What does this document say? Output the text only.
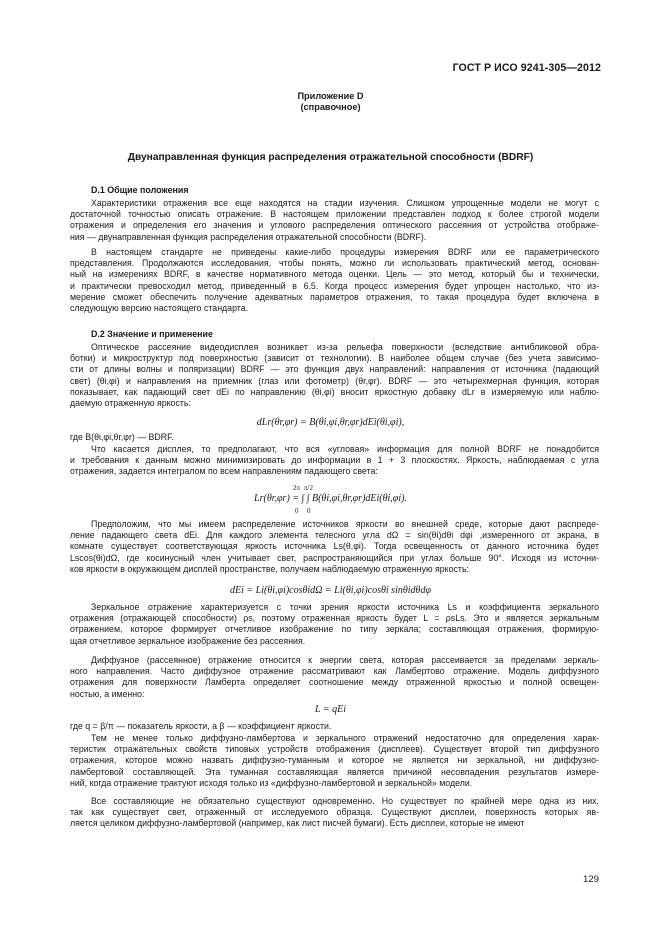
ГОСТ Р ИСО 9241-305—2012
Приложение D
(справочное)
Двунаправленная функция распределения отражательной способности (BDRF)
D.1 Общие положения
Характеристики отражения все еще находятся на стадии изучения. Слишком упрощенные модели не могут с
достаточной точностью описать отражение. В настоящем приложении представлен подход к более строгой модели
отражения и определения его значения и углового распределения оптического рассеяния от устройства отображе-
ния — двунаправленная функция распределения отражательной способности (BDRF).
В настоящем стандарте не приведены какие-либо процедуры измерения BDRF или ее параметрического
представления. Продолжаются исследования, чтобы понять, можно ли использовать практический метод, основан-
ный на измерениях BDRF, в качестве нормативного метода оценки. Цель — это метод, который бы и технически,
и практически превосходил метод, приведенный в 6.5. Когда процесс измерения будет упрощен настолько, что из-
мерение сможет обеспечить получение адекватных параметров отражения, то такая процедура будет включена в
следующую версию настоящего стандарта.
D.2 Значение и применение
Оптическое рассеяние видеодисплея возникает из-за рельефа поверхности (вследствие антибликовой обра-
ботки) и микроструктур под поверхностью (зависит от технологии). В наиболее общем случае (без учета зависимо-
сти от длины волны и поляризации) BDRF — это функция двух направлений: направления от источника (падающий
свет) (θi,φi) и направления на приемник (глаз или фотометр) (θr,φr). BDRF — это четырехмерная функция, которая
показывает, как падающий свет dEi по направлению (θi,φi) вносит яркостную добавку dLr в измеряемую или наблю-
даемую отраженную яркость:
dLr(θr,φr) = B(θi,φi,θr,φr)dEi(θi,φi),
где B(θi,φi,θr,φr) — BDRF.
Что касается дисплея, то предполагают, что вся «угловая» информация для полной BDRF не понадобится
и требования к данным можно минимизировать до информации в 1 + 3 плоскостях. Яркость, наблюдаемая с угла
отражения, задается интегралом по всем направлениям падающего света:
2π π/2
Lr(θr,φr) = ∫ ∫ B(θi,φi,θr,φr)dEi(θi,φi).
0 0
Предположим, что мы имеем распределение источников яркости во внешней среде, которые дают распреде-
ление падающего света dEi. Для каждого элемента телесного угла dΩ = sin(θi)dθi dφi ,измеренного от экрана, в
комнате существует соответствующая яркость источника Ls(θ,φi). Тогда освещенность от данного источника будет
Lscos(θi)dΩ, где косинусный член учитывает свет, распространяющийся при углах больше 90°. Исходя из источни-
ков яркости в окружающем дисплей пространстве, получаем наблюдаемую отраженную яркость:
dEi = Li(θi,φi)cosθidΩ = Li(θi,φi)cosθi sinθidθdφ
Зеркальное отражение характеризуется с точки зрения яркости источника Ls и коэффициента зеркального
отражения (отражающей способности) ρs, поэтому отраженная яркость будет L = ρsLs. Это и является зеркальным
отражением, которое формирует отчетливое изображение по типу зеркала; составляющая отражения, формирую-
щая отчетливое зеркальное изображение без рассеяния.
Диффузное (рассеянное) отражение относится к энергии света, которая рассеивается за пределами зеркаль-
ного направления. Часто диффузное отражение рассматривают как Ламбертово отражение. Модель диффузного
отражения для поверхности Ламберта определяет соотношение между отраженной яркостью и полной освещен-
ностью, а именно:
L = qEi
где q = β/π — показатель яркости, а β — коэффициент яркости.
Тем не менее только диффузно-ламбертова и зеркального отражений недостаточно для определения харак-
теристик отражательных свойств типовых устройств отображения (дисплеев). Существует второй тип диффузного
отражения, которое можно назвать диффузно-туманным и которое не является ни зеркальной, ни диффузно-
ламбертовой составляющей. Эта туманная составляющая является причиной несовпадения результатов измере-
ний, когда отражение трактуют исходя только из «диффузно-ламбертовой и зеркальной» модели.
Все составляющие не обязательно существуют одновременно. Но существует по крайней мере одна из них,
так как существует свет, отраженный от исследуемого образца. Существуют дисплеи, поверхность которых яв-
ляется целиком диффузно-ламбертовой (например, как лист писчей бумаги). Есть дисплеи, которые не имеют
129
